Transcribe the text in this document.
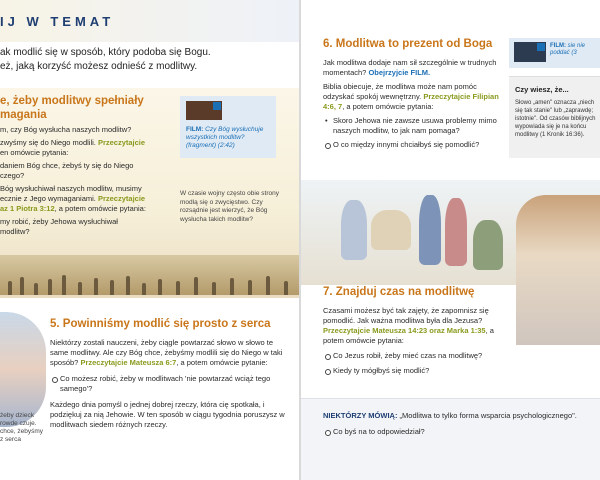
IJ W TEMAT
ak modlić się w sposób, który podoba się Bogu.
eż, jaką korzyść możesz odnieść z modlitwy.
e, żeby modlitwy spełniały
magania

m, czy Bóg wysłucha naszych modlitw?

zwyśmy się do Niego modlili. Przeczytajcie
en omówcie pytania:

daniem Bóg chce, żebyś ty się do Niego
czego?

Bóg wysłuchiwał naszych modlitw, musimy
ecznie z Jego wymaganiami. Przeczytajcie
az 1 Piotra 3:12, a potem omówcie pytania:

my robić, żeby Jehowa wysłuchiwał
modlitw?

FILM: Czy Bóg wysłuchuje wszystkich modlitw? (fragment) (2:42)
W czasie wojny często obie strony modlą się o zwycięstwo. Czy rozsądnie jest wierzyć, że Bóg wysłucha takich modlitw?
żeby dzieck rowde czuje. chce, żebyśmy z serca
5. Powinniśmy modlić się prosto z serca

Niektórzy zostali nauczeni, żeby ciągle powtarzać słowo w słowo te same modlitwy. Ale czy Bóg chce, żebyśmy modlili się do Niego w taki sposób? Przeczytajcie Mateusza 6:7, a potem omówcie pytanie:

Co możesz robić, żeby w modlitwach 'nie powtarzać wciąż tego samego'?

Każdego dnia pomyśl o jednej dobrej rzeczy, która cię spotkała, i podziękuj za nią Jehowie. W ten sposób w ciągu tygodnia poruszysz w modlitwach siedem różnych rzeczy.

6. Modlitwa to prezent od Boga

Jak modlitwa dodaje nam sił szczególnie w trudnych momentach? Obejrzyjcie FILM.

Biblia obiecuje, że modlitwa może nam pomóc odzyskać spokój wewnętrzny. Przeczytajcie Filipian 4:6, 7, a potem omówcie pytania:

• Skoro Jehowa nie zawsze usuwa problemy mimo naszych modlitw, to jak nam pomaga?

O co między innymi chciałbyś się pomodlić?

FILM: sie nie poddać (3
Czy wiesz, że...
Słowo „amen" oznacza „niech się tak stanie" lub „zaprawdę; istotnie". Od czasów biblijnych wypowiada się je na końcu modlitwy (1 Kronik 16:36).
7. Znajduj czas na modlitwę

Czasami możesz być tak zajęty, że zapomnisz się pomodlić. Jak ważna modlitwa była dla Jezusa? Przeczytajcie Mateusza 14:23 oraz Marka 1:35, a potem omówcie pytania:

Co Jezus robił, żeby mieć czas na modlitwę?

Kiedy ty mógłbyś się modlić?

NIEKTÓRZY MÓWIĄ: „Modlitwa to tylko forma wsparcia psychologicznego".
Co byś na to odpowiedział?
